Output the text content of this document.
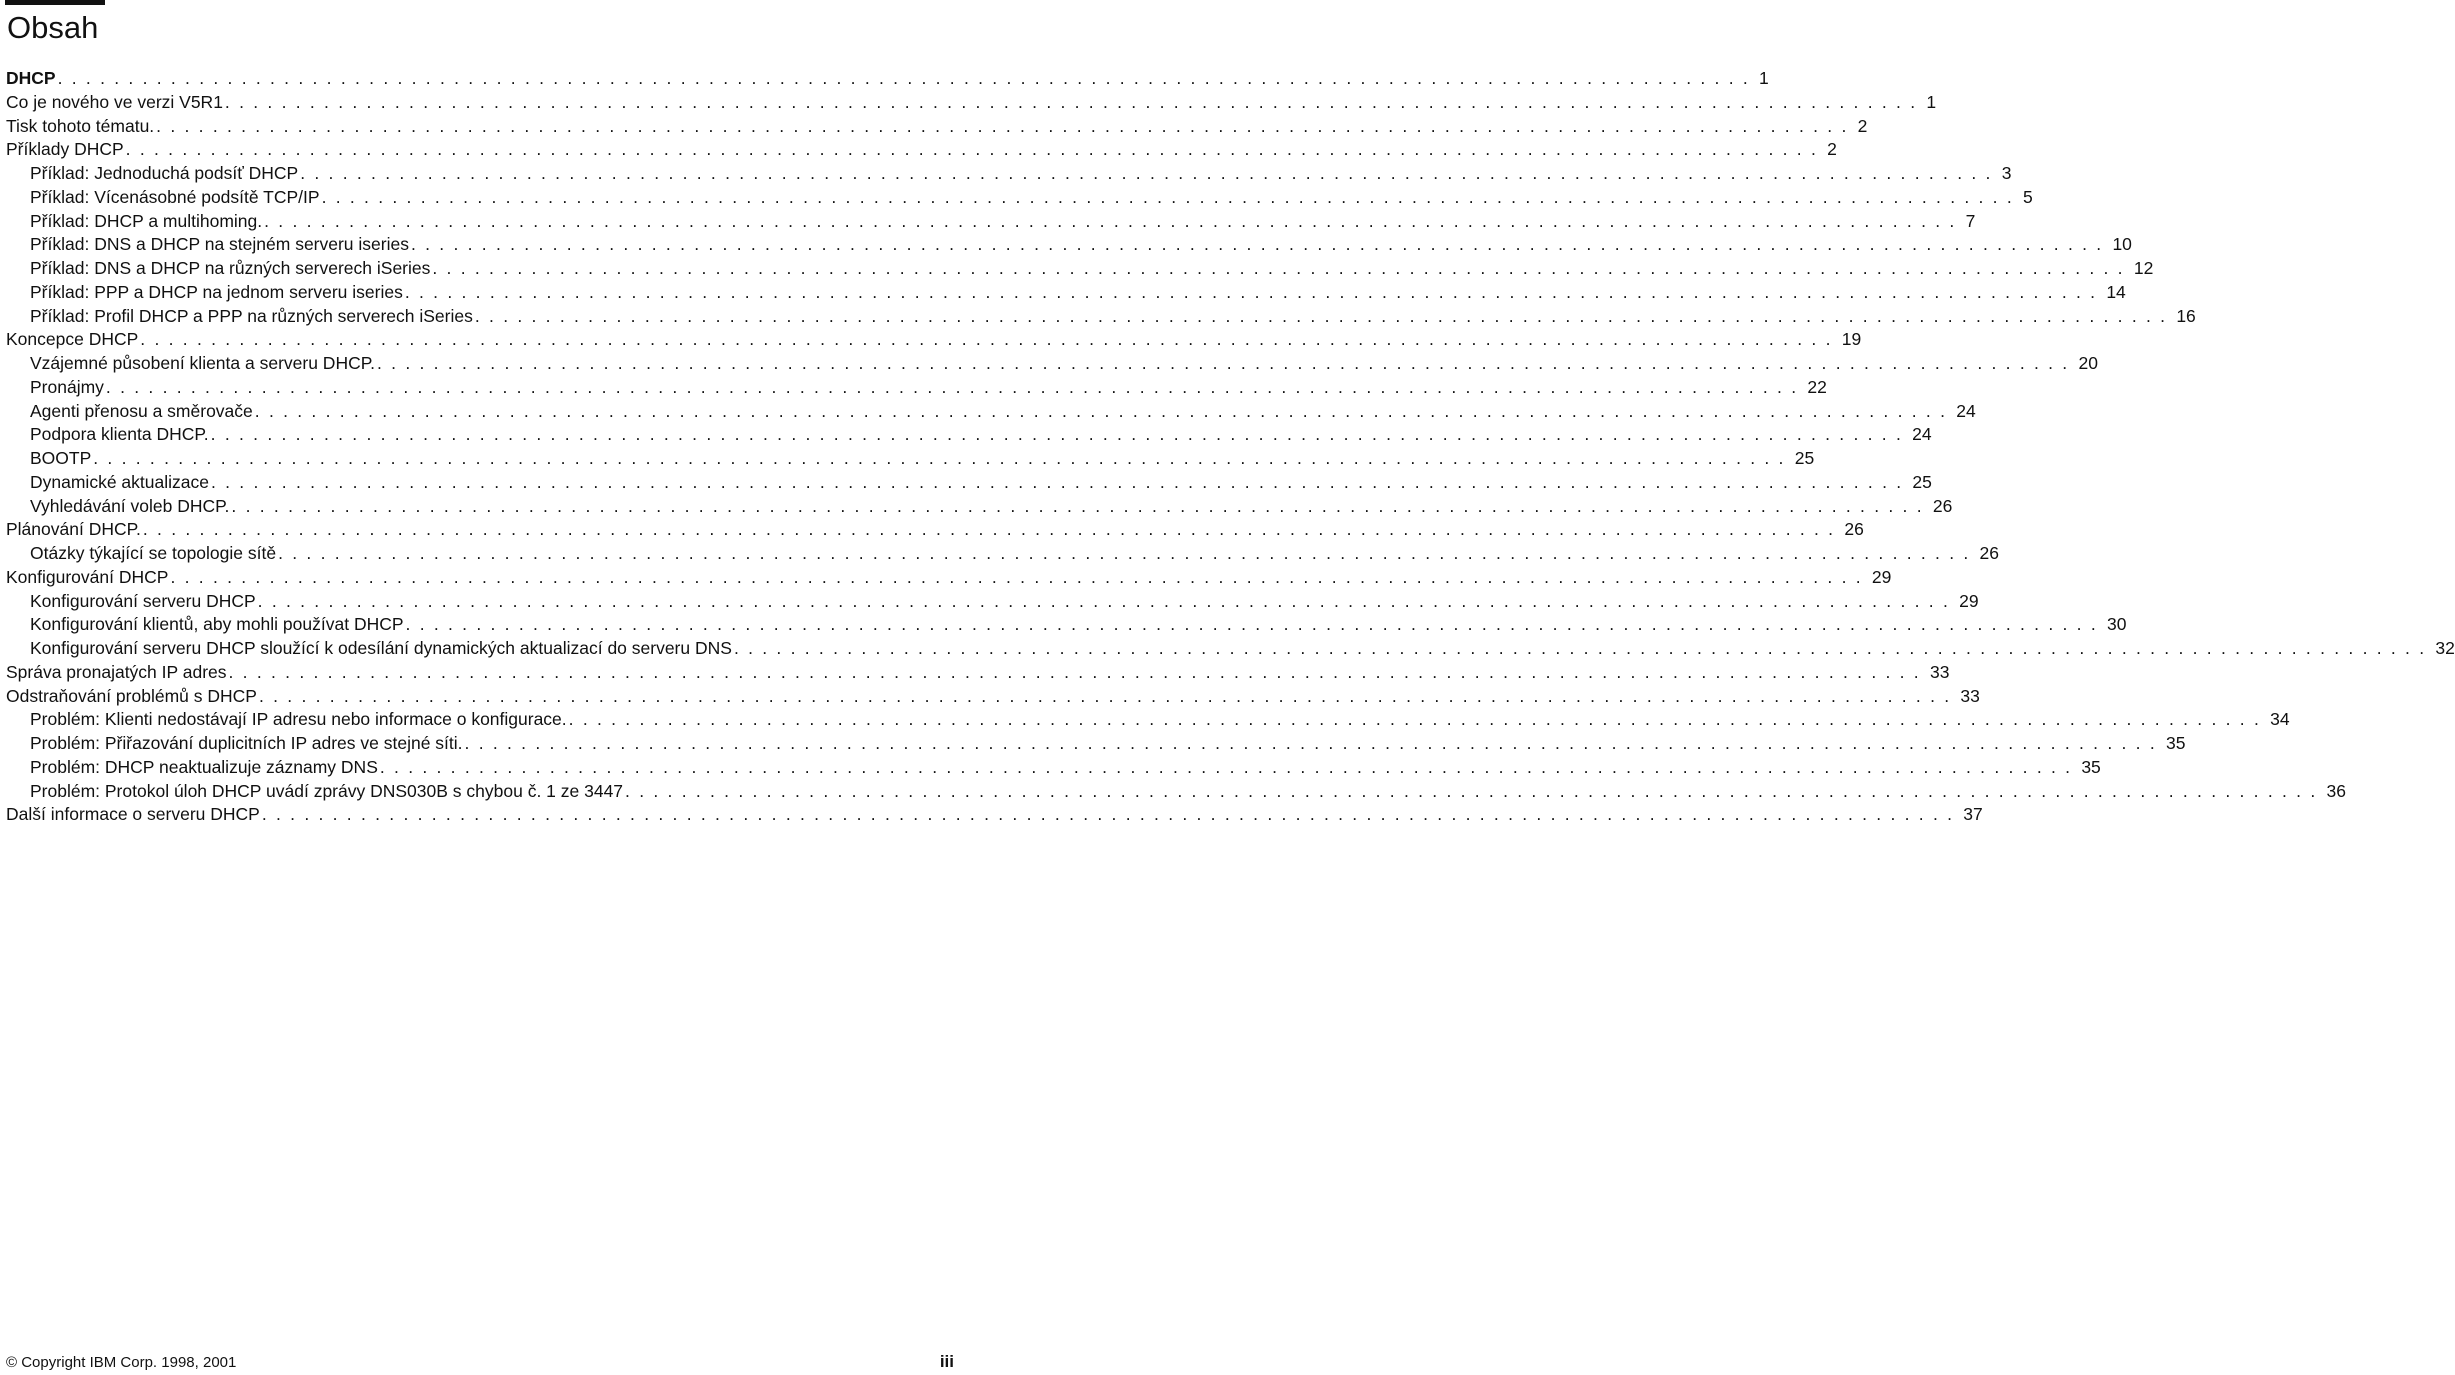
Obsah
DHCP ........................................................................................................................ 1
Co je nového ve verzi V5R1 ........................................................................................................................ 1
Tisk tohoto tématu. ........................................................................................................................ 2
Příklady DHCP ........................................................................................................................ 2
Příklad: Jednoduchá podsíť DHCP ........................................................................................................................ 3
Příklad: Vícenásobné podsítě TCP/IP ........................................................................................................................ 5
Příklad: DHCP a multihoming. ........................................................................................................................ 7
Příklad: DNS a DHCP na stejném serveru iseries ........................................................................................................................ 10
Příklad: DNS a DHCP na různých serverech iSeries ........................................................................................................................ 12
Příklad: PPP a DHCP na jednom serveru iseries ........................................................................................................................ 14
Příklad: Profil DHCP a PPP na různých serverech iSeries ........................................................................................................................ 16
Koncepce DHCP ........................................................................................................................ 19
Vzájemné působení klienta a serveru DHCP. ........................................................................................................................ 20
Pronájmy ........................................................................................................................ 22
Agenti přenosu a směrovače ........................................................................................................................ 24
Podpora klienta DHCP. ........................................................................................................................ 24
BOOTP ........................................................................................................................ 25
Dynamické aktualizace ........................................................................................................................ 25
Vyhledávání voleb DHCP. ........................................................................................................................ 26
Plánování DHCP. ........................................................................................................................ 26
Otázky týkající se topologie sítě ........................................................................................................................ 26
Konfigurování DHCP ........................................................................................................................ 29
Konfigurování serveru DHCP ........................................................................................................................ 29
Konfigurování klientů, aby mohli používat DHCP ........................................................................................................................ 30
Konfigurování serveru DHCP sloužící k odesílání dynamických aktualizací do serveru DNS ........................................................................................................................ 32
Správa pronajatých IP adres ........................................................................................................................ 33
Odstraňování problémů s DHCP ........................................................................................................................ 33
Problém: Klienti nedostávají IP adresu nebo informace o konfigurace. ........................................................................................................................ 34
Problém: Přiřazování duplicitních IP adres ve stejné síti. ........................................................................................................................ 35
Problém: DHCP neaktualizuje záznamy DNS ........................................................................................................................ 35
Problém: Protokol úloh DHCP uvádí zprávy DNS030B s chybou č. 1 ze 3447 ........................................................................................................................ 36
Další informace o serveru DHCP ........................................................................................................................ 37
© Copyright IBM Corp. 1998, 2001	iii
